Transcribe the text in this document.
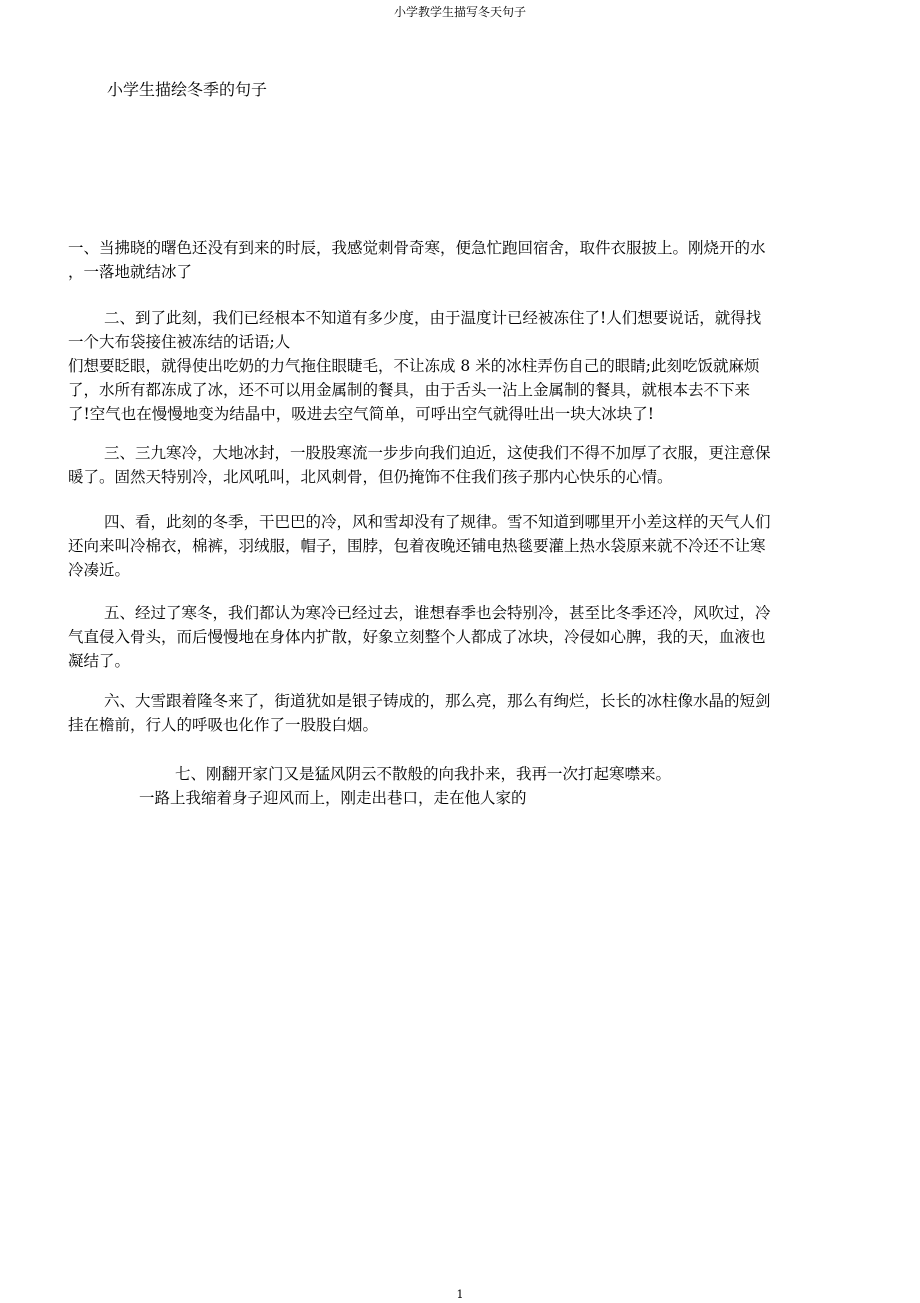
小学教学生描写冬天句子
小学生描绘冬季的句子
一、当拂晓的曙色还没有到来的时辰，我感觉刺骨奇寒，便急忙跑回宿舍，取件衣服披上。刚烧开的水
，一落地就结冰了
二、到了此刻，我们已经根本不知道有多少度，由于温度计已经被冻住了!人们想要说话，就得找
一个大布袋接住被冻结的话语;人
们想要眨眼，就得使出吃奶的力气拖住眼睫毛，不让冻成 8 米的冰柱弄伤自己的眼睛;此刻吃饭就麻烦
了，水所有都冻成了冰，还不可以用金属制的餐具，由于舌头一沾上金属制的餐具，就根本去不下来
了!空气也在慢慢地变为结晶中，吸进去空气简单，可呼出空气就得吐出一块大冰块了!
三、三九寒冷，大地冰封，一股股寒流一步步向我们迫近，这使我们不得不加厚了衣服，更注意保
暖了。固然天特别冷，北风吼叫，北风刺骨，但仍掩饰不住我们孩子那内心快乐的心情。
四、看，此刻的冬季，干巴巴的冷，风和雪却没有了规律。雪不知道到哪里开小差这样的天气人们
还向来叫冷棉衣，棉裤，羽绒服，帽子，围脖，包着夜晚还铺电热毯要灌上热水袋原来就不冷还不让寒
冷凑近。
五、经过了寒冬，我们都认为寒冷已经过去，谁想春季也会特别冷，甚至比冬季还冷，风吹过，冷
气直侵入骨头，而后慢慢地在身体内扩散，好象立刻整个人都成了冰块，冷侵如心脾，我的天，血液也
凝结了。
六、大雪跟着隆冬来了，街道犹如是银子铸成的，那么亮，那么有绚烂，长长的冰柱像水晶的短剑
挂在檐前，行人的呼吸也化作了一股股白烟。
七、刚翻开家门又是猛风阴云不散般的向我扑来，我再一次打起寒噤来。
一路上我缩着身子迎风而上，刚走出巷口，走在他人家的
1
